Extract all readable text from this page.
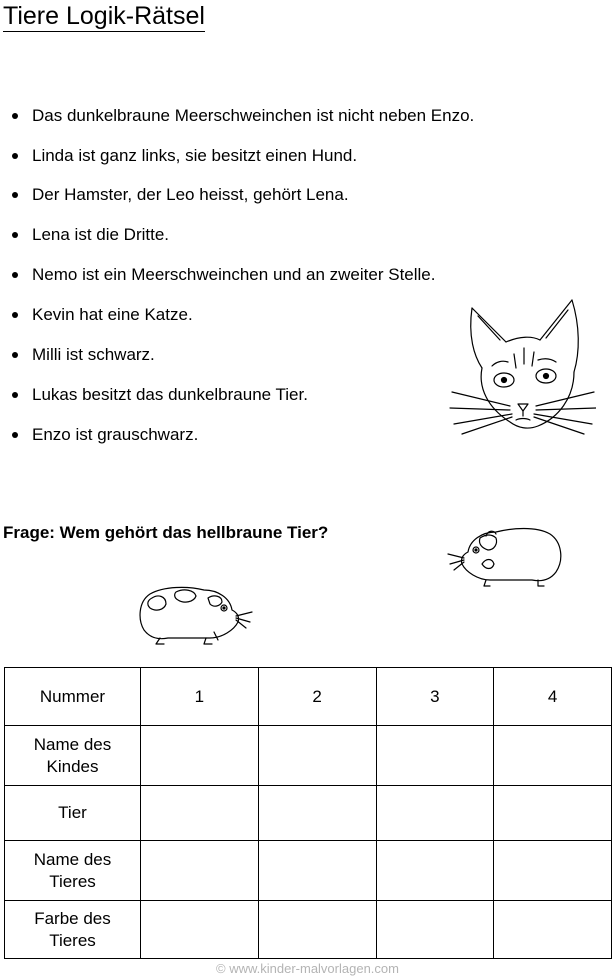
Tiere Logik-Rätsel
Das dunkelbraune Meerschweinchen ist nicht neben Enzo.
Linda ist ganz links, sie besitzt einen Hund.
Der Hamster, der Leo heisst, gehört Lena.
Lena ist die Dritte.
Nemo ist ein Meerschweinchen und an zweiter Stelle.
Kevin hat eine Katze.
Milli ist schwarz.
Lukas besitzt das dunkelbraune Tier.
Enzo ist grauschwarz.
Frage: Wem gehört das hellbraune Tier?
Nummer	1	2	3	4
Name des Kindes				
Tier				
Name des Tieres				
Farbe des Tieres				
© www.kinder-malvorlagen.com
